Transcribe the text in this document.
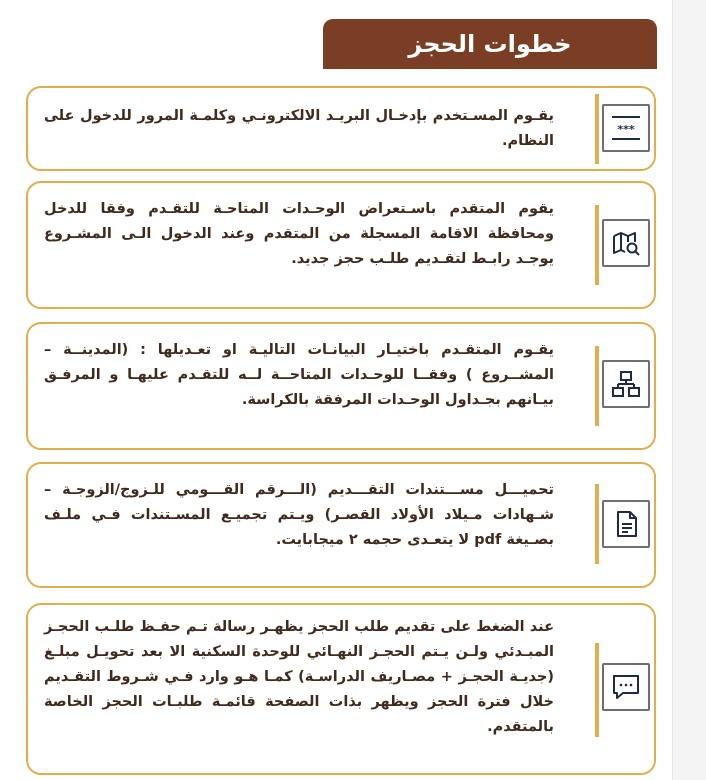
خطوات الحجز
يقـوم المسـتخدم بإدخـال البريـد الالكترونـي وكلمـة المرور للدخول على النظام.
***
يقوم المتقدم باسـتعراض الوحـدات المتاحـة للتقـدم وفقا للدخل ومحافظة الاقامة المسجلة من المتقدم وعند الدخول الـى المشـروع يوجـد رابـط لتقـديم طلـب حجز جديد.
يقـوم المتقـدم باختيـار البيانـات التاليـة او تعـديلها : (المدينــة – المشــروع ) وفقــا للوحـدات المتاحــة لــه للتقـدم عليهـا و المرفـق بيـانهم بجـداول الوحـدات المرفقة بالكراسة.
تحميـــل مســـتندات التقـــديم (الـــرقم القـــومي للـزوج/الزوجـة – شـهادات مـيلاد الأولاد القصـر) ويـتم تجميـع المسـتندات فـي ملـف بصـيغة pdf لا يتعـدى حجمه ٢ ميجابايت.
عند الضغط على تقديم طلب الحجز يظهـر رسالة تـم حفـظ طلـب الحجـز المبـدئي ولـن يـتم الحجـز النهـائي للوحدة السكنية الا بعد تحويـل مبلـغ (جديـة الحجـز + مصـاريف الدراسـة) كمـا هـو وارد فـي شـروط التقـديم خلال فترة الحجز ويظهر بذات الصفحة قائمـة طلبـات الحجز الخاصة بالمتقدم.
